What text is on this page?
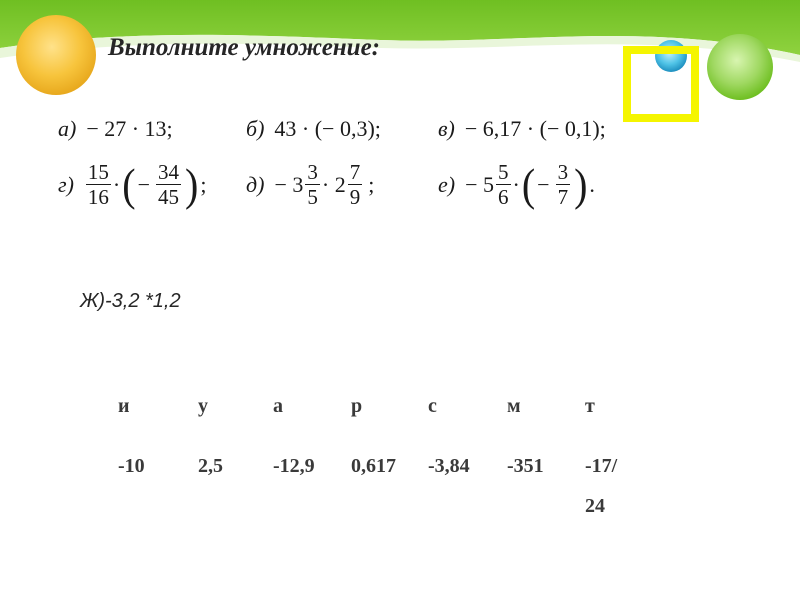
Выполните умножение:
а) − 27 · 13;	б) 43 · (− 0,3);	в) − 6,17 · (− 0,1);
$г) \frac{15}{16}$ · ( − $\frac{34}{45}$ ) ; $д) - 3 \frac{3}{5} \cdot 2 \frac{7}{9}$ ;	$е) - 5 \frac{5}{6}$ · ( − $\frac{3}{7}$ ) .
Ж)-3,2 *1,2
и	у	а	р	с	м	т
-10	2,5	-12,9 0,617 -3,84 -351 -17/
24
